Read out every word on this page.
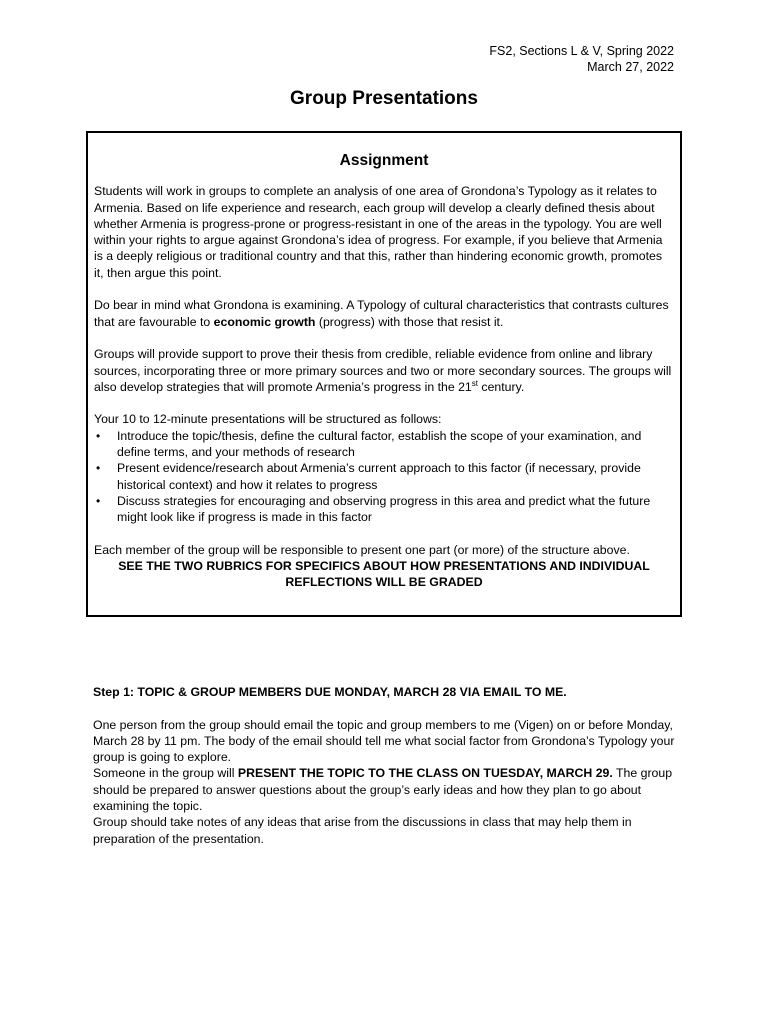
FS2, Sections L & V, Spring 2022
March 27, 2022
Group Presentations
Assignment

Students will work in groups to complete an analysis of one area of Grondona’s Typology as it relates to Armenia. Based on life experience and research, each group will develop a clearly defined thesis about whether Armenia is progress-prone or progress-resistant in one of the areas in the typology. You are well within your rights to argue against Grondona’s idea of progress. For example, if you believe that Armenia is a deeply religious or traditional country and that this, rather than hindering economic growth, promotes it, then argue this point.

Do bear in mind what Grondona is examining. A Typology of cultural characteristics that contrasts cultures that are favourable to economic growth (progress) with those that resist it.

Groups will provide support to prove their thesis from credible, reliable evidence from online and library sources, incorporating three or more primary sources and two or more secondary sources. The groups will also develop strategies that will promote Armenia’s progress in the 21st century.

Your 10 to 12-minute presentations will be structured as follows:
• Introduce the topic/thesis, define the cultural factor, establish the scope of your examination, and define terms, and your methods of research
• Present evidence/research about Armenia’s current approach to this factor (if necessary, provide historical context) and how it relates to progress
• Discuss strategies for encouraging and observing progress in this area and predict what the future might look like if progress is made in this factor
Each member of the group will be responsible to present one part (or more) of the structure above.

SEE THE TWO RUBRICS FOR SPECIFICS ABOUT HOW PRESENTATIONS AND INDIVIDUAL REFLECTIONS WILL BE GRADED

Step 1: TOPIC & GROUP MEMBERS DUE MONDAY, MARCH 28 VIA EMAIL TO ME.

One person from the group should email the topic and group members to me (Vigen) on or before Monday, March 28 by 11 pm. The body of the email should tell me what social factor from Grondona’s Typology your group is going to explore.

Someone in the group will PRESENT THE TOPIC TO THE CLASS ON TUESDAY, MARCH 29. The group should be prepared to answer questions about the group’s early ideas and how they plan to go about examining the topic.

Group should take notes of any ideas that arise from the discussions in class that may help them in preparation of the presentation.
